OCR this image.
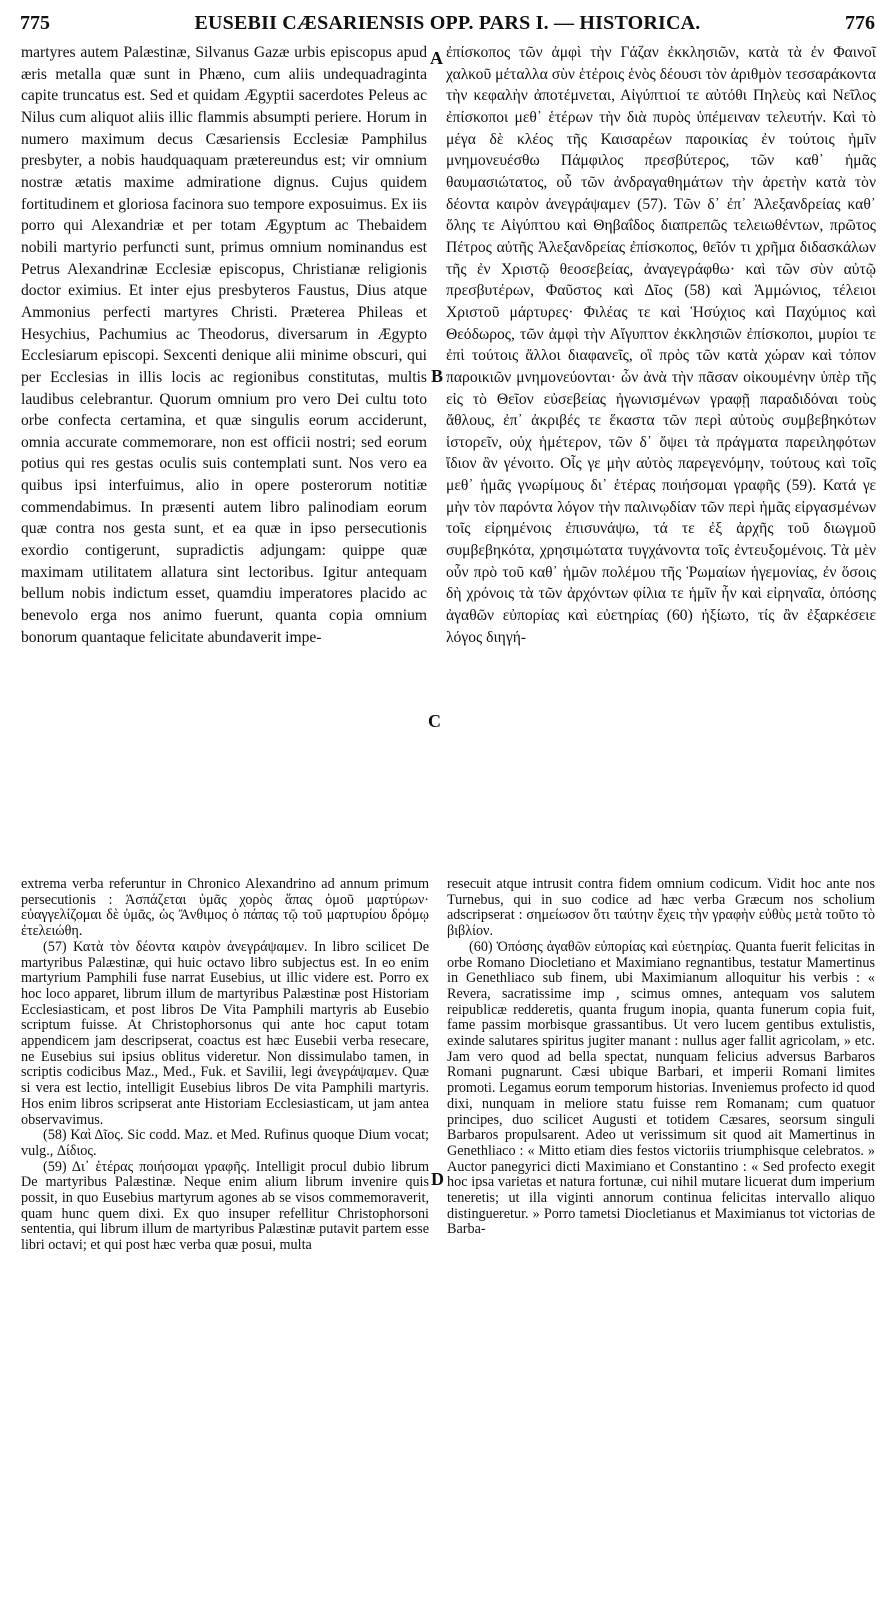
775	EUSEBII CÆSARIENSIS OPP. PARS I. — HISTORICA.	776

martyres autem Palæstinæ, Silvanus Gazæ urbis episcopus apud æris metalla quæ sunt in Phæno, cum aliis undequadraginta capite truncatus est. Sed et quidam Ægyptii sacerdotes Peleus ac Nilus cum aliquot aliis illic flammis absumpti periere. Horum in numero maximum decus Cæsariensis Ecclesiæ Pamphilus presbyter, a nobis haudquaquam prætereundus est; vir omnium nostræ ætatis maxime admiratione dignus. Cujus quidem fortitudinem et gloriosa facinora suo tempore exposuimus. Ex iis porro qui Alexandriæ et per totam Ægyptum ac Thebaidem nobili martyrio perfuncti sunt, primus omnium nominandus est Petrus Alexandrinæ Ecclesiæ episcopus, Christianæ religionis doctor eximius. Et inter ejus presbyteros Faustus, Dius atque Ammonius perfecti martyres Christi. Præterea Phileas et Hesychius, Pachumius ac Theodorus, diversarum in Ægypto Ecclesiarum episcopi. Sexcenti denique alii minime obscuri, qui per Ecclesias in illis locis ac regionibus constitutas, multis laudibus celebrantur. Quorum omnium pro vero Dei cultu toto orbe confecta certamina, et quæ singulis eorum acciderunt, omnia accurate commemorare, non est officii nostri; sed eorum potius qui res gestas oculis suis contemplati sunt. Nos vero ea quibus ipsi interfuimus, alio in opere posterorum notitiæ commendabimus. In præsenti autem libro palinodiam eorum quæ contra nos gesta sunt, et ea quæ in ipso persecutionis exordio contigerunt, supradictis adjungam: quippe quæ maximam utilitatem allatura sint lectoribus. Igitur antequam bellum nobis indictum esset, quamdiu imperatores placido ac benevolo erga nos animo fuerunt, quanta copia omnium bonorum quantaque felicitate abundaverit impe-

ἐπίσκοπος τῶν ἀμφὶ τὴν Γάζαν ἐκκλησιῶν, κατὰ τὰ ἐν Φαινοῖ χαλκοῦ μέταλλα σὺν ἑτέροις ἑνὸς δέουσι τὸν ἀριθμὸν τεσσαράκοντα τὴν κεφαλὴν ἀποτέμνεται, Αἰγύπτιοί τε αὐτόθι Πηλεὺς καὶ Νεῖλος ἐπίσκοποι μεθ᾽ ἑτέρων τὴν διὰ πυρὸς ὑπέμειναν τελευτήν. Καὶ τὸ μέγα δὲ κλέος τῆς Καισαρέων παροικίας ἐν τούτοις ἡμῖν μνημονευέσθω Πάμφιλος πρεσβύτερος, τῶν καθ᾽ ἡμᾶς θαυμασιώτατος, οὗ τῶν ἀνδραγαθημάτων τὴν ἀρετὴν κατὰ τὸν δέοντα καιρὸν ἀνεγράψαμεν (57). Τῶν δ᾽ ἐπ᾽ Ἀλεξανδρείας καθ᾽ ὅλης τε Αἰγύπτου καὶ Θηβαΐδος διαπρεπῶς τελειωθέντων, πρῶτος Πέτρος αὐτῆς Ἀλεξανδρείας ἐπίσκοπος, θεῖόν τι χρῆμα διδασκάλων τῆς ἐν Χριστῷ θεοσεβείας, ἀναγεγράφθω· καὶ τῶν σὺν αὐτῷ πρεσβυτέρων, Φαῦστος καὶ Δῖος (58) καὶ Ἀμμώνιος, τέλειοι Χριστοῦ μάρτυρες· Φιλέας τε καὶ Ἡσύχιος καὶ Παχύμιος καὶ Θεόδωρος, τῶν ἀμφὶ τὴν Αἴγυπτον ἐκκλησιῶν ἐπίσκοποι, μυρίοι τε ἐπὶ τούτοις ἄλλοι διαφανεῖς, οἳ πρὸς τῶν κατὰ χώραν καὶ τόπον παροικιῶν μνημονεύονται· ὧν ἀνὰ τὴν πᾶσαν οἰκουμένην ὑπὲρ τῆς εἰς τὸ Θεῖον εὐσεβείας ἠγωνισμένων γραφῇ παραδιδόναι τοὺς ἄθλους, ἐπ᾽ ἀκριβές τε ἕκαστα τῶν περὶ αὐτοὺς συμβεβηκότων ἱστορεῖν, οὐχ ἡμέτερον, τῶν δ᾽ ὄψει τὰ πράγματα παρειληφότων ἴδιον ἂν γένοιτο. Οἷς γε μὴν αὐτὸς παρεγενόμην, τούτους καὶ τοῖς μεθ᾽ ἡμᾶς γνωρίμους δι᾽ ἑτέρας ποιήσομαι γραφῆς (59). Κατά γε μὴν τὸν παρόντα λόγον τὴν παλινῳδίαν τῶν περὶ ἡμᾶς εἰργασμένων τοῖς εἰρημένοις ἐπισυνάψω, τά τε ἐξ ἀρχῆς τοῦ διωγμοῦ συμβεβηκότα, χρησιμώτατα τυγχάνοντα τοῖς ἐντευξομένοις. Τὰ μὲν οὖν πρὸ τοῦ καθ᾽ ἡμῶν πολέμου τῆς Ῥωμαίων ἡγεμονίας, ἐν ὅσοις δὴ χρόνοις τὰ τῶν ἀρχόντων φίλια τε ἡμῖν ἦν καὶ εἰρηναῖα, ὁπόσης ἀγαθῶν εὐπορίας καὶ εὐετηρίας (60) ἠξίωτο, τίς ἂν ἐξαρκέσειε λόγος διηγή-

A
B
C
D

extrema verba referuntur in Chronico Alexandrino ad annum primum persecutionis : Ἀσπάζεται ὑμᾶς χορὸς ἅπας ὁμοῦ μαρτύρων· εὐαγγελίζομαι δὲ ὑμᾶς, ὡς Ἄνθιμος ὁ πάπας τῷ τοῦ μαρτυρίου δρόμῳ ἐτελειώθη.

(57) Κατὰ τὸν δέοντα καιρὸν ἀνεγράψαμεν. In libro scilicet De martyribus Palæstinæ, qui huic octavo libro subjectus est. In eo enim martyrium Pamphili fuse narrat Eusebius, ut illic videre est. Porro ex hoc loco apparet, librum illum de martyribus Palæstinæ post Historiam Ecclesiasticam, et post libros De Vita Pamphili martyris ab Eusebio scriptum fuisse. At Christophorsonus qui ante hoc caput totam appendicem jam descripserat, coactus est hæc Eusebii verba resecare, ne Eusebius sui ipsius oblitus videretur. Non dissimulabo tamen, in scriptis codicibus Maz., Med., Fuk. et Savilii, legi ἀνεγράψαμεν. Quæ si vera est lectio, intelligit Eusebius libros De vita Pamphili martyris. Hos enim libros scripserat ante Historiam Ecclesiasticam, ut jam antea observavimus.

(58) Καὶ Δῖος. Sic codd. Maz. et Med. Rufinus quoque Dium vocat; vulg., Δίδιος.

(59) Δι᾽ ἑτέρας ποιήσομαι γραφῆς. Intelligit procul dubio librum De martyribus Palæstinæ. Neque enim alium librum invenire quis possit, in quo Eusebius martyrum agones ab se visos commemoraverit, quam hunc quem dixi. Ex quo insuper refellitur Christophorsoni sententia, qui librum illum de martyribus Palæstinæ putavit partem esse libri octavi; et qui post hæc verba quæ posui, multa

resecuit atque intrusit contra fidem omnium codicum. Vidit hoc ante nos Turnebus, qui in suo codice ad hæc verba Græcum nos scholium adscripserat : σημείωσον ὅτι ταύτην ἔχεις τὴν γραφὴν εὐθὺς μετὰ τοῦτο τὸ βιβλίον.

(60) Ὁπόσης ἀγαθῶν εὐπορίας καὶ εὐετηρίας. Quanta fuerit felicitas in orbe Romano Diocletiano et Maximiano regnantibus, testatur Mamertinus in Genethliaco sub finem, ubi Maximianum alloquitur his verbis : « Revera, sacratissime imp , scimus omnes, antequam vos salutem reipublicæ redderetis, quanta frugum inopia, quanta funerum copia fuit, fame passim morbisque grassantibus. Ut vero lucem gentibus extulistis, exinde salutares spiritus jugiter manant : nullus ager fallit agricolam, » etc. Jam vero quod ad bella spectat, nunquam felicius adversus Barbaros Romani pugnarunt. Cæsi ubique Barbari, et imperii Romani limites promoti. Legamus eorum temporum historias. Inveniemus profecto id quod dixi, nunquam in meliore statu fuisse rem Romanam; cum quatuor principes, duo scilicet Augusti et totidem Cæsares, seorsum singuli Barbaros propulsarent. Adeo ut verissimum sit quod ait Mamertinus in Genethliaco : « Mitto etiam dies festos victoriis triumphisque celebratos. » Auctor panegyrici dicti Maximiano et Constantino : « Sed profecto exegit hoc ipsa varietas et natura fortunæ, cui nihil mutare licuerat dum imperium teneretis; ut illa viginti annorum continua felicitas intervallo aliquo distingueretur. » Porro tametsi Diocletianus et Maximianus tot victorias de Barba-
